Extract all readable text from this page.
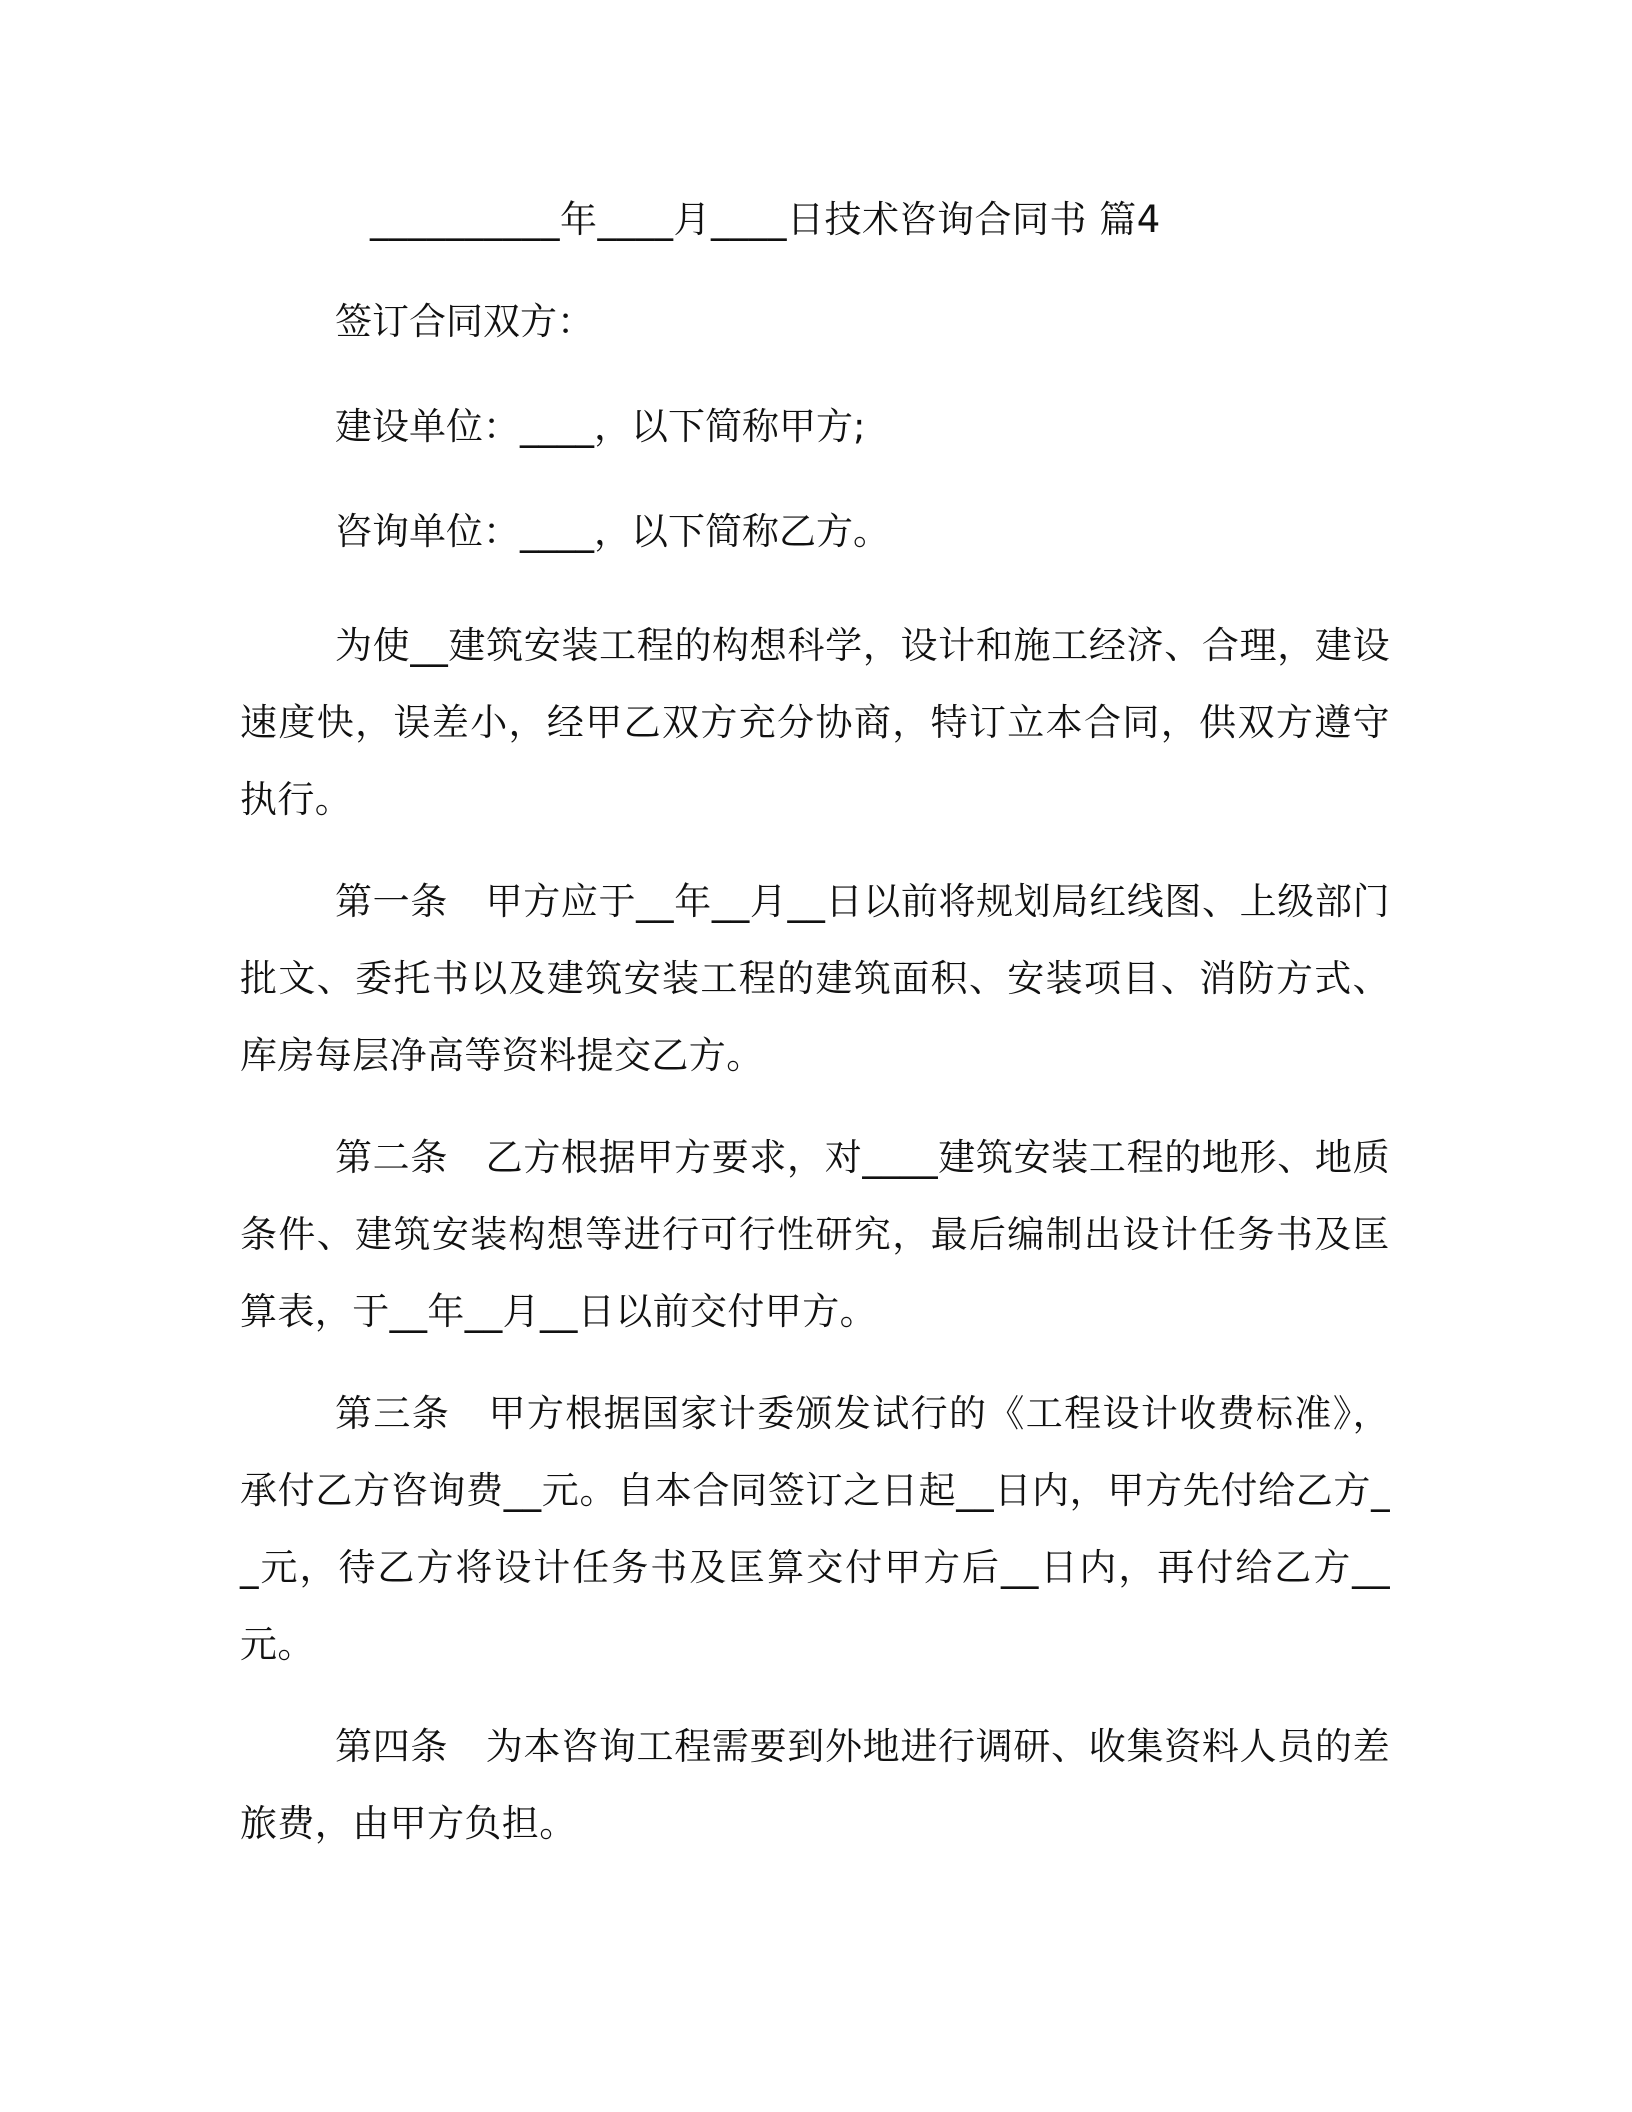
__________年____月____日技术咨询合同书 篇4
签订合同双方：
建设单位：____，以下简称甲方;
咨询单位：____，以下简称乙方。

为使__建筑安装工程的构想科学，设计和施工经济、合理，建设速度快，误差小，经甲乙双方充分协商，特订立本合同，供双方遵守执行。

第一条　甲方应于__年__月__日以前将规划局红线图、上级部门批文、委托书以及建筑安装工程的建筑面积、安装项目、消防方式、库房每层净高等资料提交乙方。

第二条　乙方根据甲方要求，对____建筑安装工程的地形、地质条件、建筑安装构想等进行可行性研究，最后编制出设计任务书及匡算表，于__年__月__日以前交付甲方。

第三条　甲方根据国家计委颁发试行的《工程设计收费标准》，承付乙方咨询费__元。自本合同签订之日起__日内，甲方先付给乙方__元，待乙方将设计任务书及匡算交付甲方后__日内，再付给乙方__元。

第四条　为本咨询工程需要到外地进行调研、收集资料人员的差旅费，由甲方负担。
